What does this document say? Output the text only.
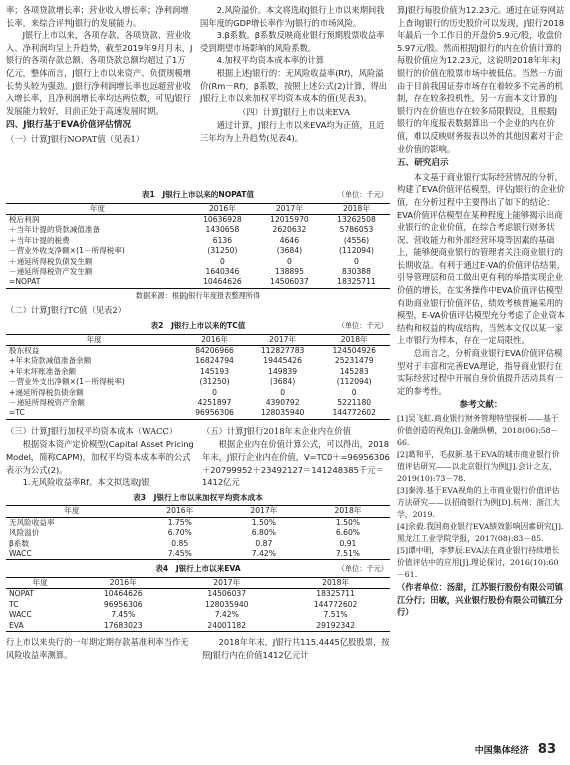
率；各项贷款增长率；营业收入增长率；净利润增长率，来综合评判J银行的发展能力。

J银行上市以来，各项存款、各项贷款、营业收入、净利润均呈上升趋势，截至2019年9月月末，J银行的各项存款总额、各项贷款总额均超过了1万亿元，整体而言，J银行上市以来资产、负债规模增长势头较为强劲。J银行净利润增长率也远超营业收入增长率，且净利润增长率均达两位数，可见J银行发展能力较好，目前正处于高速发展时期。

四、J银行基于EVA价值评估情况
（一）计算J银行NOPAT值（见表1）

2.风险溢价。本文将选取J银行上市以来期间我国年度的GDP增长率作为J银行的市场风险。

3.β系数。β系数反映商业银行预期股票收益率受到期望市场影响的风险系数。

4.加权平均资本成本率的计算

根据上述J银行的：无风险收益率(Rf)，风险溢价(Rm－Rf)，β系数，按照上述公式(2)计算，得出J银行上市以来加权平均资本成本的值(见表3)。

（四）计算J银行上市以来EVA

通过计算，J银行上市以来EVA均为正值，且近三年均为上升趋势(见表4)。

表1　J银行上市以来的NOPAT值	（单位：千元）
年度	2016年	2017年	2018年
税后利润	10636928	12015970	13262508
＋当年计提的贷款减值准备	1430658	2620632	5786053
＋当年计提的税费	6136	4646	(4556)
－营业外收支净额×(1－所得税率)	(31250)	(3684)	(112094)
＋递延所得税负债发生额	0	0	0
－递延所得税资产发生额	1640346	138895	830388
=NOPAT	10464626	14506037	18325711
数据来源：根据J银行年度报表整理所得
（二）计算J银行TC值（见表2）
表2　J银行上市以来的TC值	（单位：千元）
年度	2016年	2017年	2018年
股东权益	84206966	112827783	124504926
+年末贷款减值准备余额	16824794	19445426	25231479
+年末坏账准备余额	145193	149839	145283
－营业外支出净额×(1－所得税率)	(31250)	(3684)	(112094)
+递延所得税负债余额	0	0	0
－递延所得税资产余额	4251897	4390792	5221180
=TC	96956306	128035940	144772602
（三）计算J银行加权平均资本成本（WACC）

根据资本资产定价模型(Capital Asset Pricing Model，简称CAPM)，加权平均资本成本率的公式表示为公式(2)。

1.无风险收益率Rf。本文拟选取J银

（五）计算J银行2018年末企业内在价值

根据企业内在价值计算公式，可以得出，2018年末，J银行企业内在价值，V=TC0＋=96956306＋20799952＋23492127＝141248385千元＝1412亿元

表3　J银行上市以来加权平均资本成本
年度	2016年	2017年	2018年
无风险收益率	1.75%	1.50%	1.50%
风险溢价	6.70%	6.80%	6.60%
β系数	0.85	0.87	0.91
WACC	7.45%	7.42%	7.51%
表4　J银行上市以来EVA	（单位：千元）
年度	2016年	2017年	2018年
NOPAT	10464626	14506037	18325711
TC	96956306	128035940	144772602
WACC	7.45%	7.42%	7.51%
EVA	17683023	24001182	29192342

行上市以来央行的一年期定期存款基准利率当作无风险收益率测算。

2018年年末，J银行共115.4445亿股股票，按照J银行内在价值1412亿元计

算J银行每股价值为12.23元。通过在证券网站上查询J银行的历史股价可以发现，J银行2018年最后一个工作日的开盘价5.9元/股，收盘价5.97元/股。然而根据J银行的内在价值计算的每股价值应为12.23元，这说明2018年年末J银行的价值在股票市场中被低估。当然一方面由于目前我国证券市场存在着较多不完善的机制，存在较多投机性，另一方面本文计算的J银行内在价值也存在较多局限假设，且根据J银行的年度报表数据算出一个企业的内在价值，难以反映财务报表以外的其他因素对于企业价值的影响。

五、研究启示

本文基于商业银行实际经营情况的分析，构建了EVA价值评估模型，评估J银行的企业价值，在分析过程中主要得出了如下的结论：EVA价值评估模型在某种程度上能够揭示出商业银行的企业价值，在综合考虑银行财务状况、营收能力和外部经营环境等因素的基础上，能够便商业银行的管理者关注商业银行的长期收益。有利于通过E-VA的价值评估结果，引导管理层和员工做出更有利的举措实现企业价值的增长，在实务操作中EVA价值评估模型有助商业银行价值评估，绩效考核普遍采用的模型，E-VA价值评估模型充分考虑了企业资本结构和权益的构成结构，当然本文仅以某一家上市银行为样本，存在一定局限性。

总而言之，分析商业银行EVA价值评估模型对于丰富和完善EVA理论，指导商业银行在实际经营过程中开展自身价值提升活动具有一定的参考性。

参考文献：

[1]吴飞虹.商业银行财务管理特型探析——基于价值创造的视角[J].金融纵横，2018(06):58－66.

[2]葛和平，毛叔新.基于EVA的城市商业银行价值评估研究——以北京银行为例[J].会计之友，2019(10):73－78.

[3]秦涛.基于EVA视角的上市商业银行价值评估方法研究——以招商银行为例[D].杭州：浙江大学，2019.

[4]余毅.我国商业银行EVA绩效影响因素研究[J].黑龙江工业学院学报，2017(08):83－85.

[5]谭中明，李梦辰.EVA法在商业银行持续增长价值评估中的应用[J].理论探讨，2016(10):60－61.

（作者单位：汤甜，江苏银行股份有限公司镇江分行；田敏，兴业银行股份有限公司镇江分行）

中国集体经济 83
